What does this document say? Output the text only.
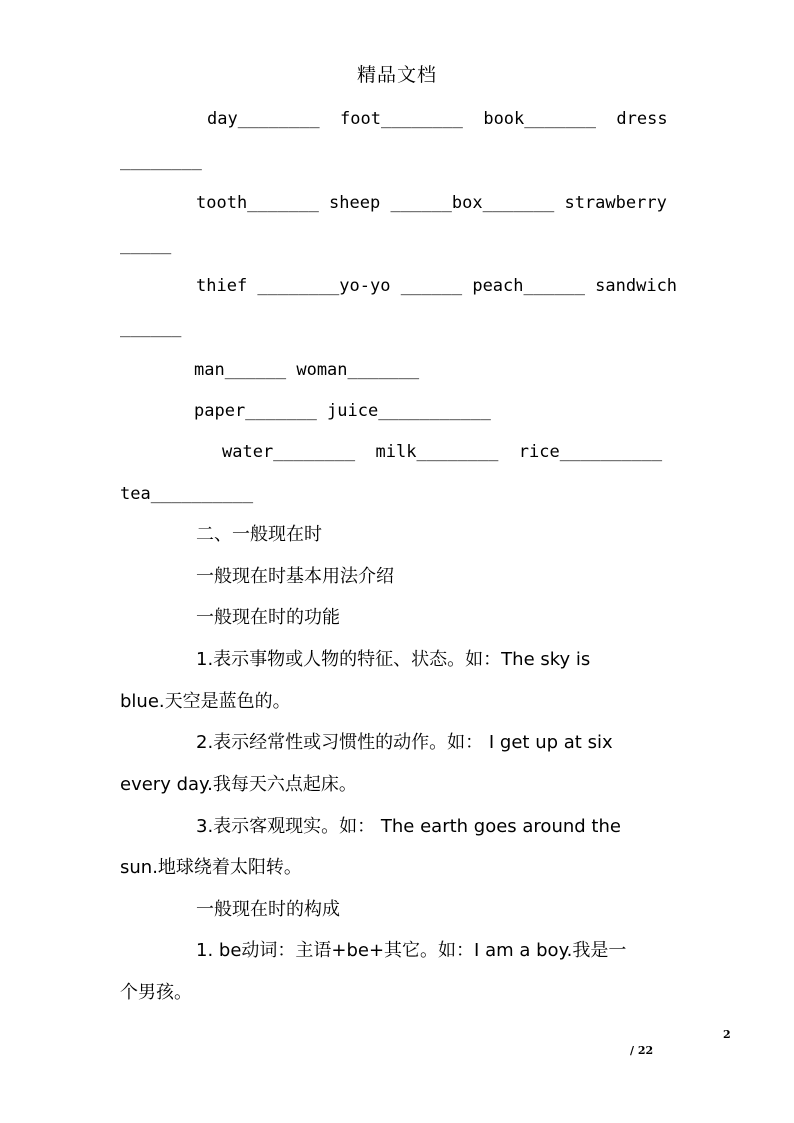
精品文档
day________  foot________  book_______  dress
________
tooth_______ sheep ______box_______ strawberry
_____
thief ________yo-yo ______ peach______ sandwich
______
man______ woman_______
paper_______ juice___________
water________  milk________  rice__________
tea__________
二、一般现在时
一般现在时基本用法介绍
一般现在时的功能
1.表示事物或人物的特征、状态。如：The sky is
blue.天空是蓝色的。
2.表示经常性或习惯性的动作。如： I get up at six
every day.我每天六点起床。
3.表示客观现实。如： The earth goes around the
sun.地球绕着太阳转。
一般现在时的构成
1. be动词：主语+be+其它。如：I am a boy.我是一
个男孩。
2
/ 22
